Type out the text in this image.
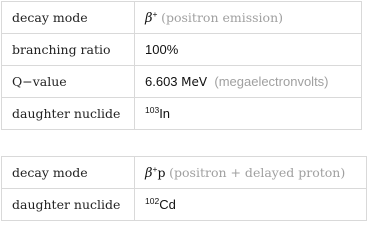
decay mode	β+ (positron emission)
branching ratio	100%
Q−value	6.603 MeV (megaelectronvolts)
daughter nuclide	$^{103}$In
decay mode	β+p (positron + delayed proton)
daughter nuclide	$^{102}$Cd
